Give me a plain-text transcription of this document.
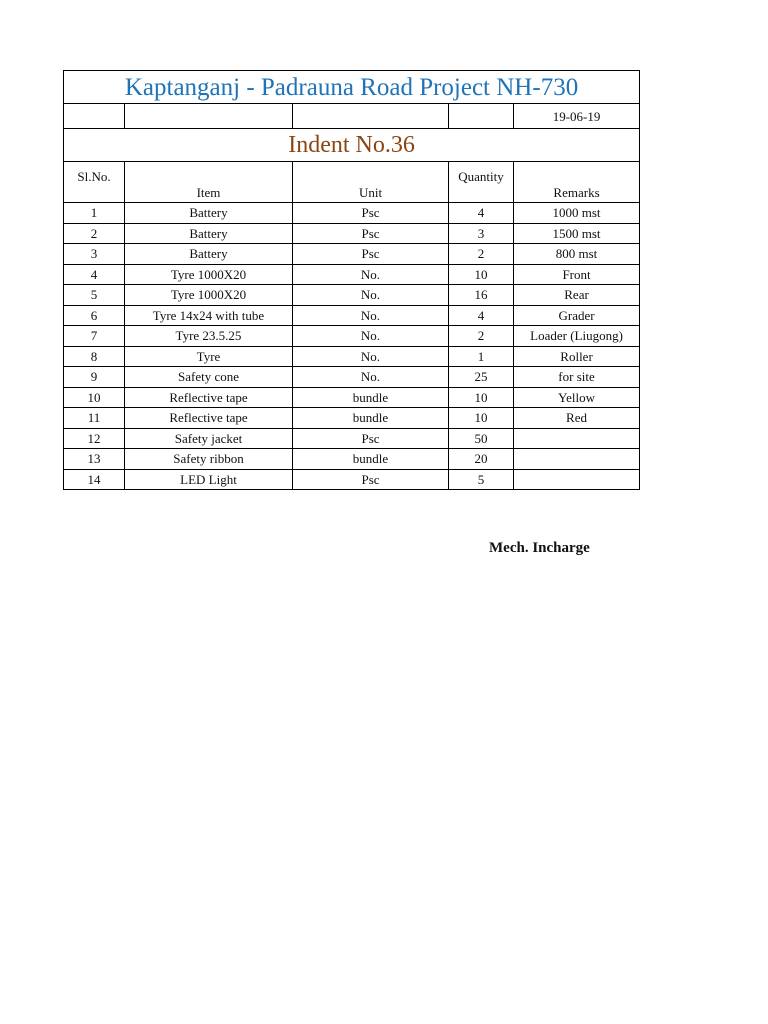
Kaptanganj - Padrauna Road Project NH-730				
				19-06-19
Indent No.36				
Sl.No.	Item	Unit	Quantity	Remarks
1	Battery	Psc	4	1000 mst
2	Battery	Psc	3	1500 mst
3	Battery	Psc	2	800 mst
4	Tyre 1000X20	No.	10	Front
5	Tyre 1000X20	No.	16	Rear
6	Tyre 14x24 with tube	No.	4	Grader
7	Tyre 23.5.25	No.	2	Loader (Liugong)
8	Tyre	No.	1	Roller
9	Safety cone	No.	25	for site
10	Reflective tape	bundle	10	Yellow
11	Reflective tape	bundle	10	Red
12	Safety jacket	Psc	50	
13	Safety ribbon	bundle	20	
14	LED Light	Psc	5	
Mech. Incharge
